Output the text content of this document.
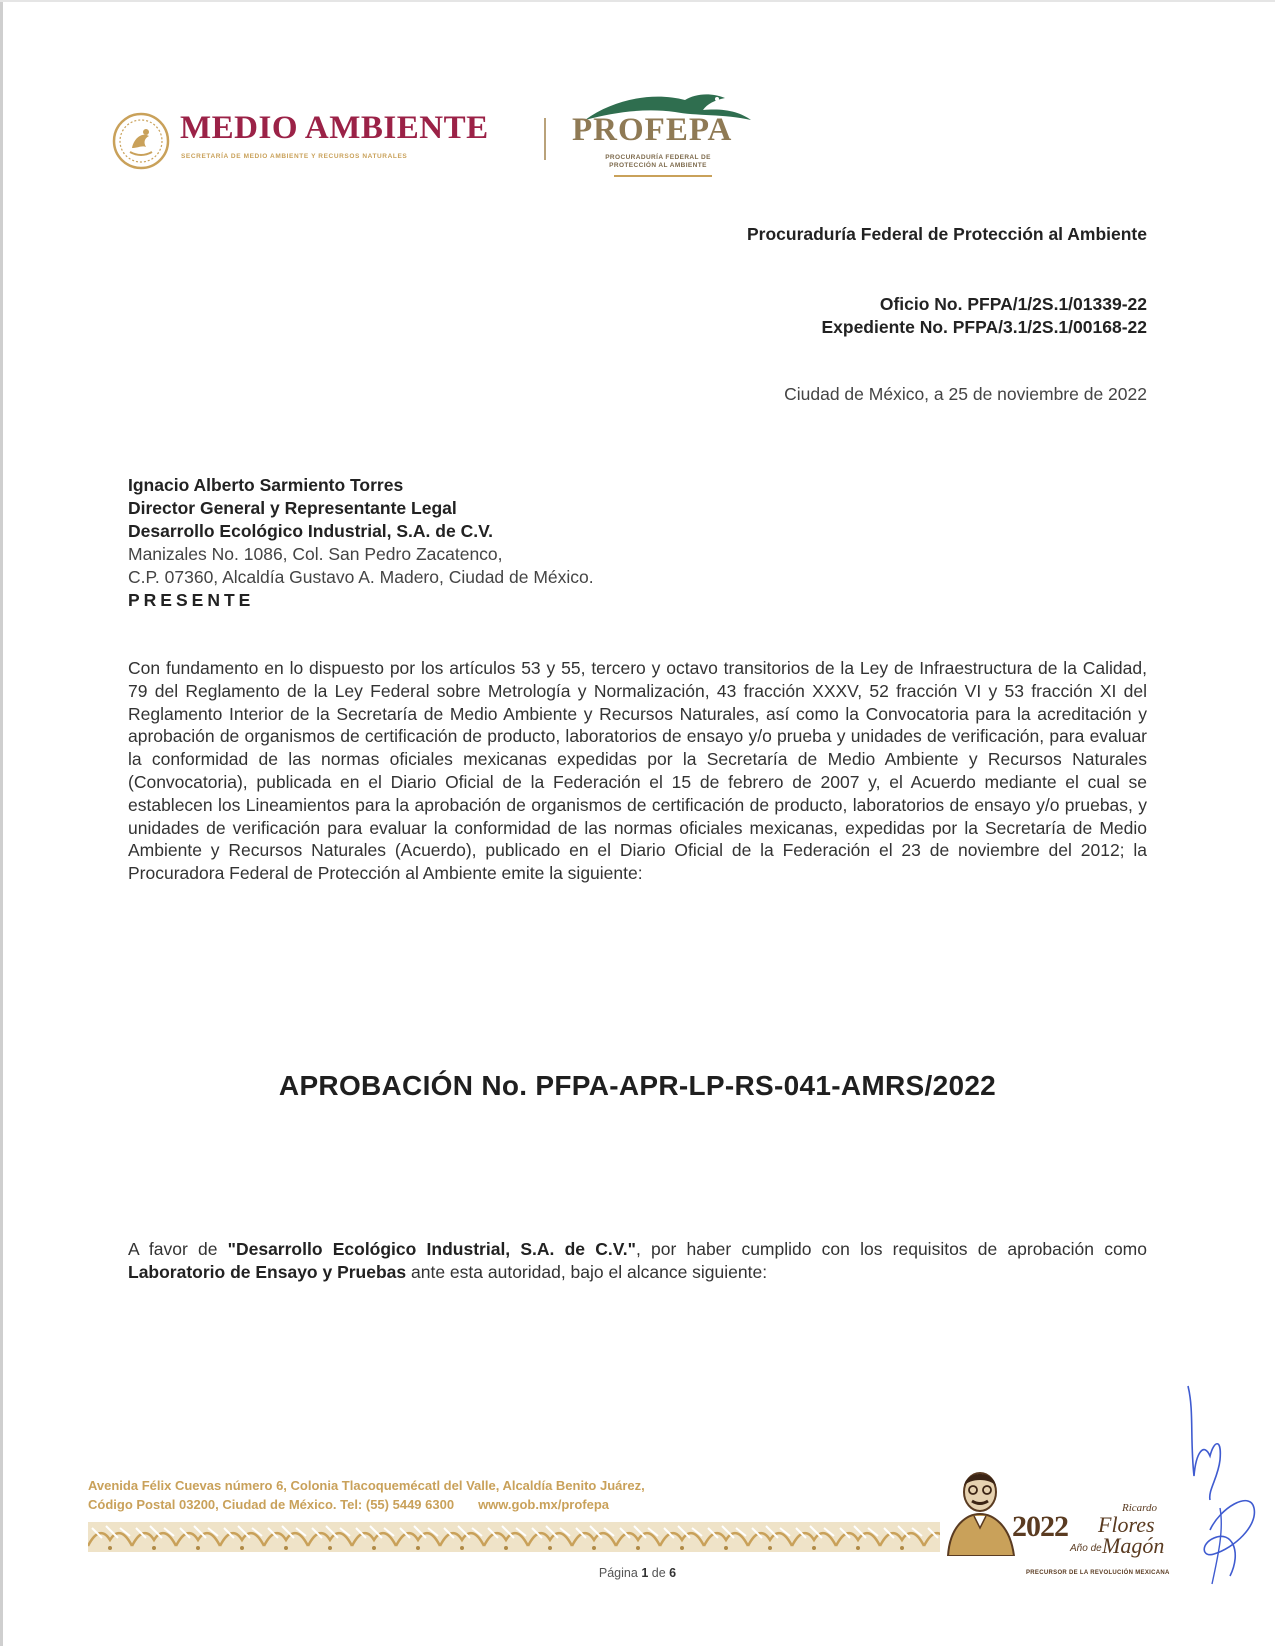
MEDIO AMBIENTE
SECRETARÍA DE MEDIO AMBIENTE Y RECURSOS NATURALES
PROFEPA
PROCURADURÍA FEDERAL DE
PROTECCIÓN AL AMBIENTE
Procuraduría Federal de Protección al Ambiente
Oficio No. PFPA/1/2S.1/01339-22
Expediente No. PFPA/3.1/2S.1/00168-22
Ciudad de México, a 25 de noviembre de 2022
Ignacio Alberto Sarmiento Torres
Director General y Representante Legal
Desarrollo Ecológico Industrial, S.A. de C.V.
Manizales No. 1086, Col. San Pedro Zacatenco,
C.P. 07360, Alcaldía Gustavo A. Madero, Ciudad de México.
PRESENTE
Con fundamento en lo dispuesto por los artículos 53 y 55, tercero y octavo transitorios de la Ley de Infraestructura de la Calidad, 79 del Reglamento de la Ley Federal sobre Metrología y Normalización, 43 fracción XXXV, 52 fracción VI y 53 fracción XI del Reglamento Interior de la Secretaría de Medio Ambiente y Recursos Naturales, así como la Convocatoria para la acreditación y aprobación de organismos de certificación de producto, laboratorios de ensayo y/o prueba y unidades de verificación, para evaluar la conformidad de las normas oficiales mexicanas expedidas por la Secretaría de Medio Ambiente y Recursos Naturales (Convocatoria), publicada en el Diario Oficial de la Federación el 15 de febrero de 2007 y, el Acuerdo mediante el cual se establecen los Lineamientos para la aprobación de organismos de certificación de producto, laboratorios de ensayo y/o pruebas, y unidades de verificación para evaluar la conformidad de las normas oficiales mexicanas, expedidas por la Secretaría de Medio Ambiente y Recursos Naturales (Acuerdo), publicado en el Diario Oficial de la Federación el 23 de noviembre del 2012; la Procuradora Federal de Protección al Ambiente emite la siguiente:
APROBACIÓN No. PFPA-APR-LP-RS-041-AMRS/2022
A favor de "Desarrollo Ecológico Industrial, S.A. de C.V.", por haber cumplido con los requisitos de aprobación como Laboratorio de Ensayo y Pruebas ante esta autoridad, bajo el alcance siguiente:
Avenida Félix Cuevas número 6, Colonia Tlacoquemécatl del Valle, Alcaldía Benito Juárez,
Código Postal 03200, Ciudad de México. Tel: (55) 5449 6300 www.gob.mx/profepa
Página 1 de 6
2022
Año de
Ricardo
Flores
Magón
PRECURSOR DE LA REVOLUCIÓN MEXICANA
